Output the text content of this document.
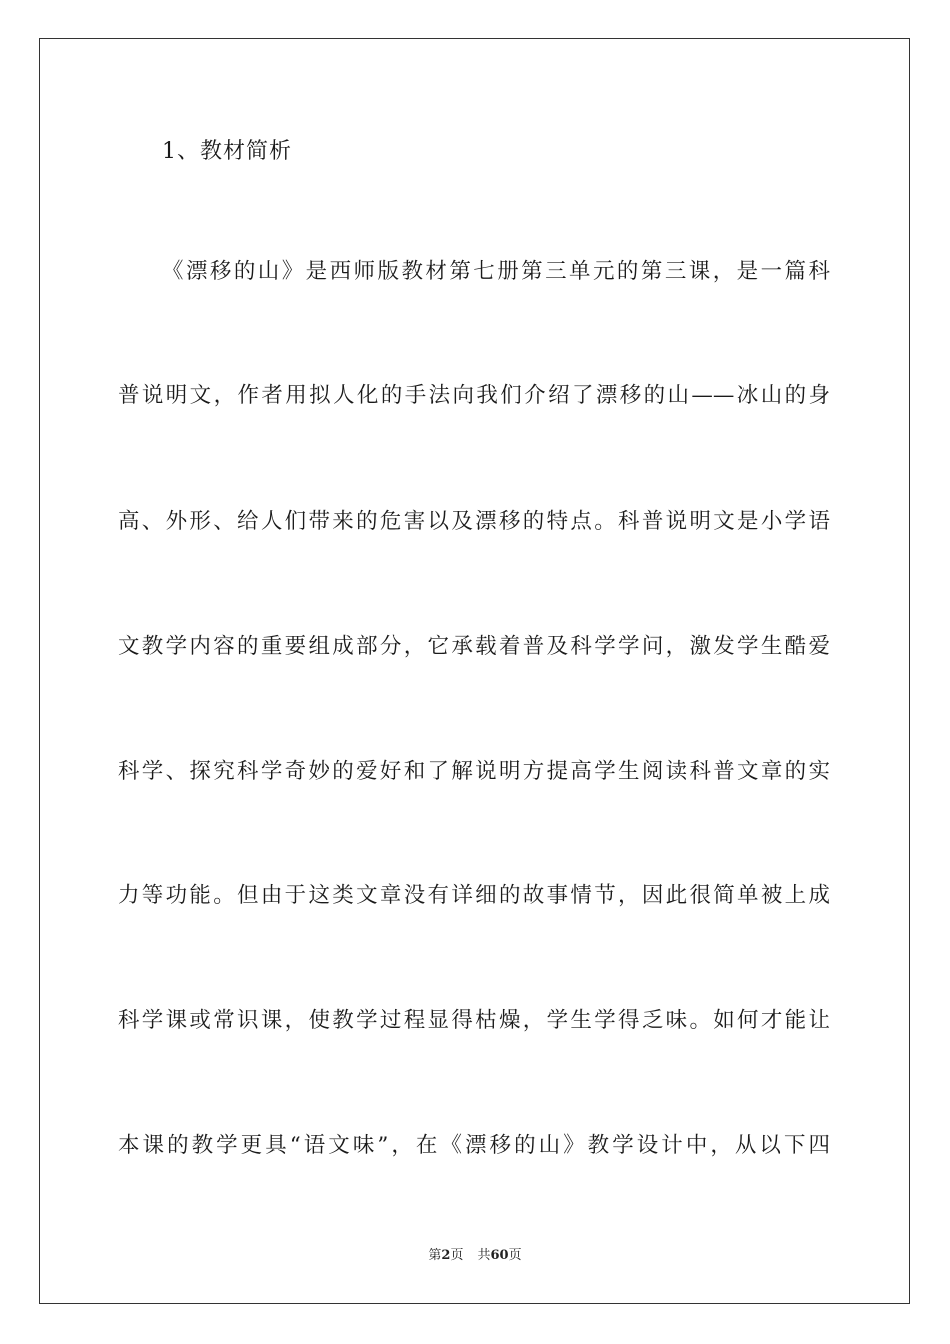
1、教材简析
《漂移的山》是西师版教材第七册第三单元的第三课，是一篇科
普说明文，作者用拟人化的手法向我们介绍了漂移的山——冰山的身
高、外形、给人们带来的危害以及漂移的特点。科普说明文是小学语
文教学内容的重要组成部分，它承载着普及科学学问，激发学生酷爱
科学、探究科学奇妙的爱好和了解说明方提高学生阅读科普文章的实
力等功能。但由于这类文章没有详细的故事情节，因此很简单被上成
科学课或常识课，使教学过程显得枯燥，学生学得乏味。如何才能让
本课的教学更具“语文味”，在《漂移的山》教学设计中，从以下四
第2页 共60页
